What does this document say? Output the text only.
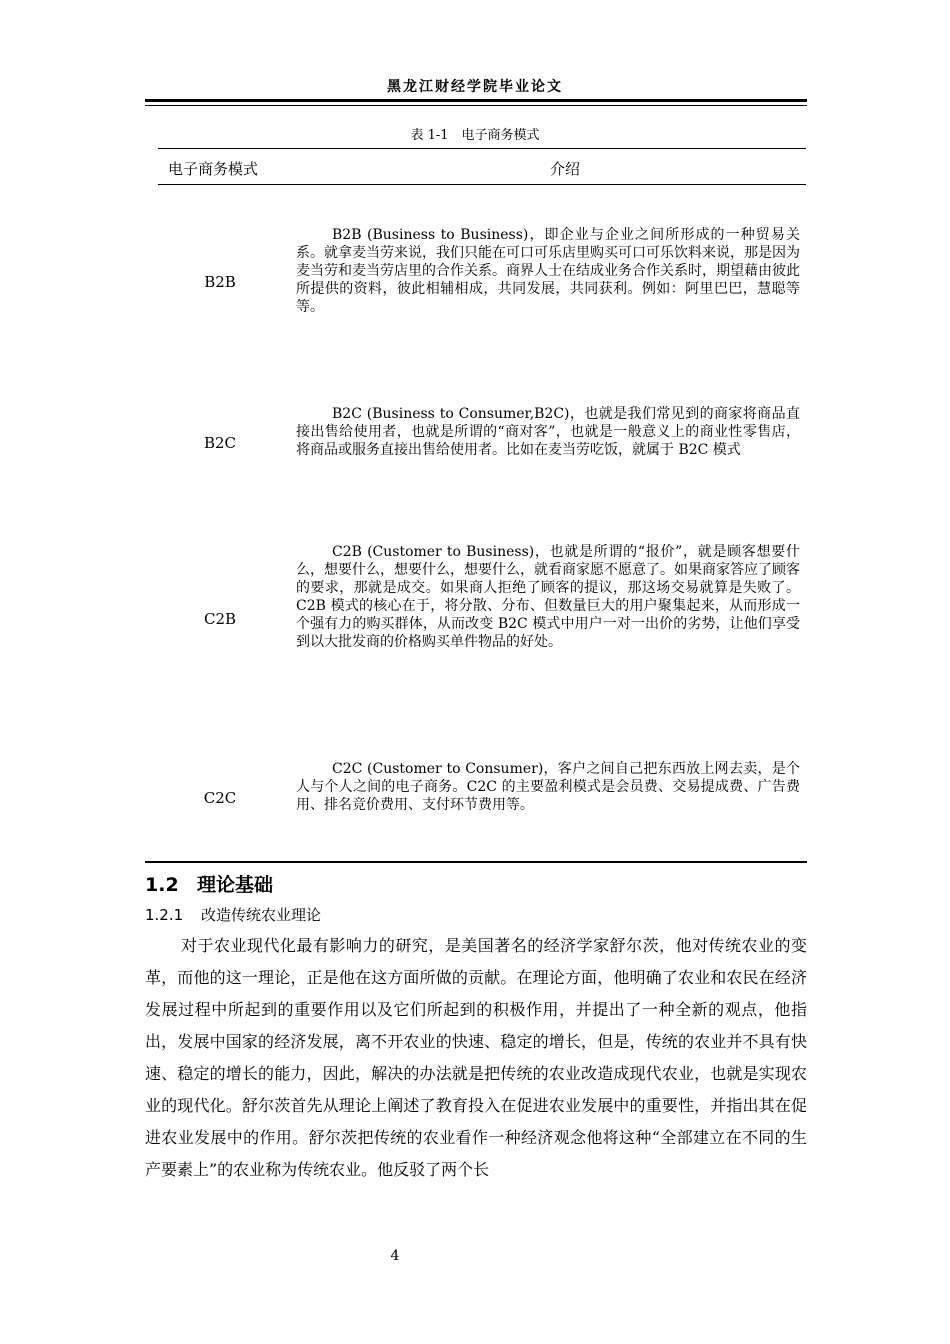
黑龙江财经学院毕业论文
表 1-1　电子商务模式
电子商务模式	介绍
B2B

B2B (Business to Business)，即企业与企业之间所形成的一种贸易关系。就拿麦当劳来说，我们只能在可口可乐店里购买可口可乐饮料来说，那是因为麦当劳和麦当劳店里的合作关系。商界人士在结成业务合作关系时，期望藉由彼此所提供的资料，彼此相辅相成，共同发展，共同获利。例如：阿里巴巴，慧聪等等。

B2C

B2C (Business to Consumer,B2C)，也就是我们常见到的商家将商品直接出售给使用者，也就是所谓的“商对客”，也就是一般意义上的商业性零售店，将商品或服务直接出售给使用者。比如在麦当劳吃饭，就属于 B2C 模式

C2B

C2B (Customer to Business)，也就是所谓的“报价”，就是顾客想要什么，想要什么，想要什么，想要什么，就看商家愿不愿意了。如果商家答应了顾客的要求，那就是成交。如果商人拒绝了顾客的提议，那这场交易就算是失败了。C2B 模式的核心在于，将分散、分布、但数量巨大的用户聚集起来，从而形成一个强有力的购买群体，从而改变 B2C 模式中用户一对一出价的劣势，让他们享受到以大批发商的价格购买单件物品的好处。

C2C

C2C (Customer to Consumer)，客户之间自己把东西放上网去卖，是个人与个人之间的电子商务。C2C 的主要盈利模式是会员费、交易提成费、广告费用、排名竞价费用、支付环节费用等。

1.2 理论基础
1.2.1 改造传统农业理论

对于农业现代化最有影响力的研究，是美国著名的经济学家舒尔茨，他对传统农业的变革，而他的这一理论，正是他在这方面所做的贡献。在理论方面，他明确了农业和农民在经济发展过程中所起到的重要作用以及它们所起到的积极作用，并提出了一种全新的观点，他指出，发展中国家的经济发展，离不开农业的快速、稳定的增长，但是，传统的农业并不具有快速、稳定的增长的能力，因此，解决的办法就是把传统的农业改造成现代农业，也就是实现农业的现代化。舒尔茨首先从理论上阐述了教育投入在促进农业发展中的重要性，并指出其在促进农业发展中的作用。舒尔茨把传统的农业看作一种经济观念他将这种“全部建立在不同的生产要素上”的农业称为传统农业。他反驳了两个长

4
